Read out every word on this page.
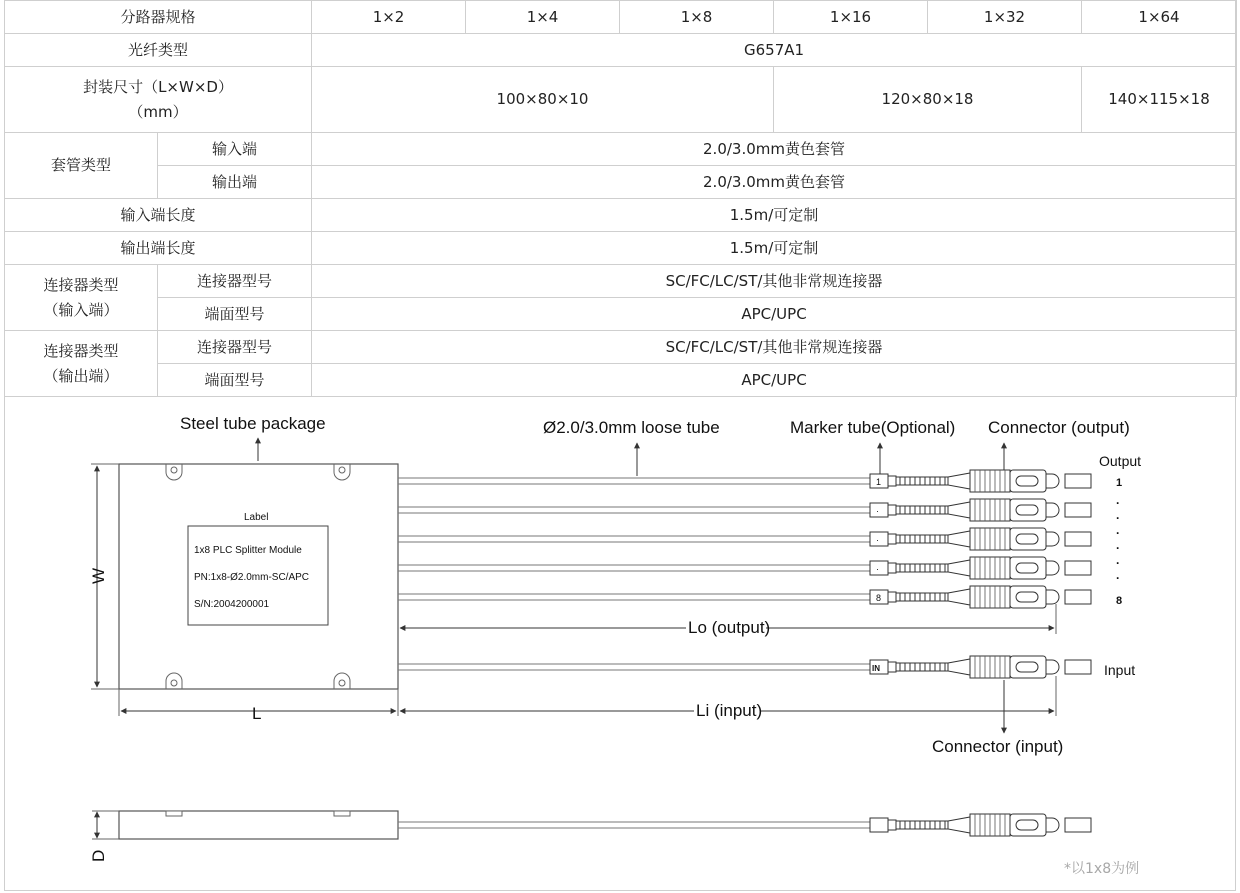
分路器规格		1×2	1×4	1×8	1×16	1×32	1×64
光纤类型		G657A1					

封装尺寸（L×W×D）
（mm）		100×80×10			120×80×18		140×115×18
套管类型	输入端	2.0/3.0mm黄色套管					
	输出端	2.0/3.0mm黄色套管					
输入端长度		1.5m/可定制					
输出端长度		1.5m/可定制					
连接器类型
（输入端）	连接器型号	SC/FC/LC/ST/其他非常规连接器					
	端面型号	APC/UPC					
连接器类型
（输出端）	连接器型号	SC/FC/LC/ST/其他非常规连接器					
	端面型号	APC/UPC					
Steel tube package	Ø2.0/3.0mm loose tube	Marker tube(Optional) Connector (output)
Label
1x8 PLC Splitter Module
PN:1x8-Ø2.0mm-SC/APC
S/N:2004200001
W
L
1
·
·
·
8
IN
Output
1
·
·
·
·
·
·
8
Input
Lo (output)
Li (input)
Connector (input)
D
*以1x8为例
